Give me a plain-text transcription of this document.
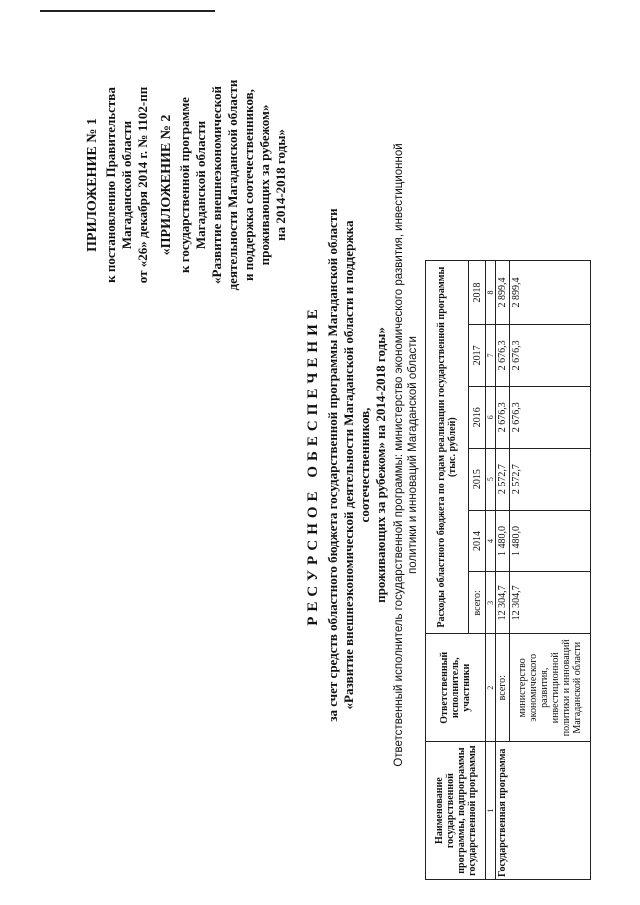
ПРИЛОЖЕНИЕ № 1 к постановлению Правительства Магаданской области от «26» декабря 2014 г. № 1102-пп «ПРИЛОЖЕНИЕ № 2 к государственной программе Магаданской области «Развитие внешнеэкономической деятельности Магаданской области и поддержка соотечественников, проживающих за рубежом» на 2014-2018 годы»
РЕСУРСНОЕ ОБЕСПЕЧЕНИЕ за счет средств областного бюджета государственной программы Магаданской области «Развитие внешнеэкономической деятельности Магаданской области и поддержка соотечественников, проживающих за рубежом» на 2014-2018 годы» Ответственный исполнитель государственной программы: министерство экономического развития, инвестиционной политики и инноваций Магаданской области
Наименование государственной программы, подпрограммы государственной программы	Ответственный исполнитель, участники	Расходы областного бюджета по годам реализации государственной программы (тыс. рублей)					
		всего:	2014	2015	2016	2017	2018
1	2	3	4	5	6	7	8
Государственная программа	всего:	12 304,7	1 480,0	2 572,7	2 676,3	2 676,3	2 899,4
	министерство экономического развития, инвестиционной политики и инноваций Магаданской области	12 304,7	1 480,0	2 572,7	2 676,3	2 676,3	2 899,4
